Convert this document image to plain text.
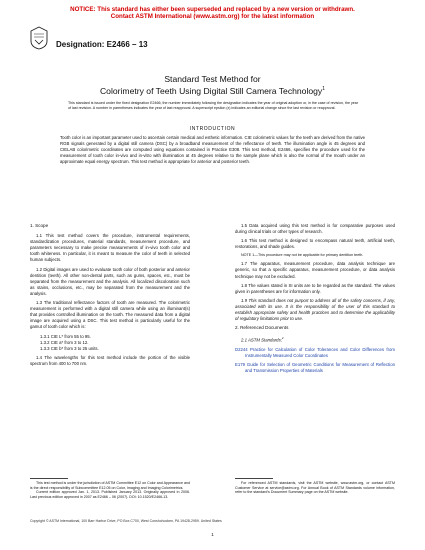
NOTICE: This standard has either been superseded and replaced by a new version or withdrawn.
Contact ASTM International (www.astm.org) for the latest information
Designation: E2466 – 13
Standard Test Method for
Colorimetry of Teeth Using Digital Still Camera Technology$^1$
This standard is issued under the fixed designation E2466; the number immediately following the designation indicates the year of original adoption or, in the case of revision, the year of last revision. A number in parentheses indicates the year of last reapproval. A superscript epsilon (ε) indicates an editorial change since the last revision or reapproval.
INTRODUCTION
Tooth color is an important parameter used to ascertain certain medical and esthetic information. CIE colorimetric values for the teeth are derived from the native RGB signals generated by a digital still camera (DSC) by a broadband measurement of the reflectance of teeth. The illumination angle is 45 degrees and CIELAB colorimetric coordinates are computed using equations contained in Practice E308. This test method, E2466, specifies the procedure used for the measurement of tooth color in-vivo and in-vitro with illumination at 45 degrees relative to the sample plane which is also the normal of the mouth under an approximate equal energy spectrum. This test method is appropriate for anterior and posterior teeth.

1. Scope

1.1 This test method covers the procedure, instrumental requirements, standardization procedures, material standards, measurement procedure, and parameters necessary to make precise measurements of in-vivo tooth color and tooth whiteness. In particular, it is meant to measure the color of teeth in selected human subjects.

1.2 Digital images are used to evaluate tooth color of both posterior and anterior dentition (teeth). All other non-dental parts, such as gums, spaces, etc., must be separated from the measurement and the analysis. All localized discoloration such as stains, occlusions, etc., may be separated from the measurement and the analysis.

1.3 The traditional reflectance factors of tooth are measured. The colorimetric measurement is performed with a digital still camera while using an illuminant(s) that provides controlled illumination on the tooth. The measured data from a digital image are acquired using a DSC. This test method is particularly useful for the gamut of tooth color which is:

1.3.1 CIE L* from 55 to 95.

1.3.2 CIE a* from 3 to 12.

1.3.3 CIE b* from 3 to 25 units.

1.4 The wavelengths for this test method include the portion of the visible spectrum from 400 to 700 nm.

1.5 Data acquired using this test method is for comparative purposes used during clinical trials or other types of research.

1.6 This test method is designed to encompass natural teeth, artificial teeth, restorations, and shade guides.

NOTE 1—This procedure may not be applicable for primary dentition teeth.

1.7 The apparatus, measurement procedure, data analysis technique are generic, so that a specific apparatus, measurement procedure, or data analysis technique may not be excluded.

1.8 The values stated in SI units are to be regarded as the standard. The values given in parentheses are for information only.

1.9 This standard does not purport to address all of the safety concerns, if any, associated with its use. It is the responsibility of the user of this standard to establish appropriate safety and health practices and to determine the applicability of regulatory limitations prior to use.

2. Referenced Documents

2.1 ASTM Standards:$^2$

D2244 Practice for Calculation of Color Tolerances and Color Differences from Instrumentally Measured Color Coordinates

E179 Guide for Selection of Geometric Conditions for Measurement of Reflection and Transmission Properties of Materials

This test method is under the jurisdiction of ASTM Committee E12 on Color and Appearance and is the direct responsibility of Subcommittee E12.05 on Color, Imaging and Imaging Colorimetrics.
Current edition approved Jan. 1, 2013. Published January 2013. Originally approved in 2006. Last previous edition approved in 2007 as E2466 – 06 (2007). DOI: 10.1520/E2466-13.
For referenced ASTM standards, visit the ASTM website, www.astm.org, or contact ASTM Customer Service at service@astm.org. For Annual Book of ASTM Standards volume information, refer to the standard's Document Summary page on the ASTM website.
Copyright © ASTM International, 100 Barr Harbor Drive, PO Box C700, West Conshohocken, PA 19428-2959. United States
1
